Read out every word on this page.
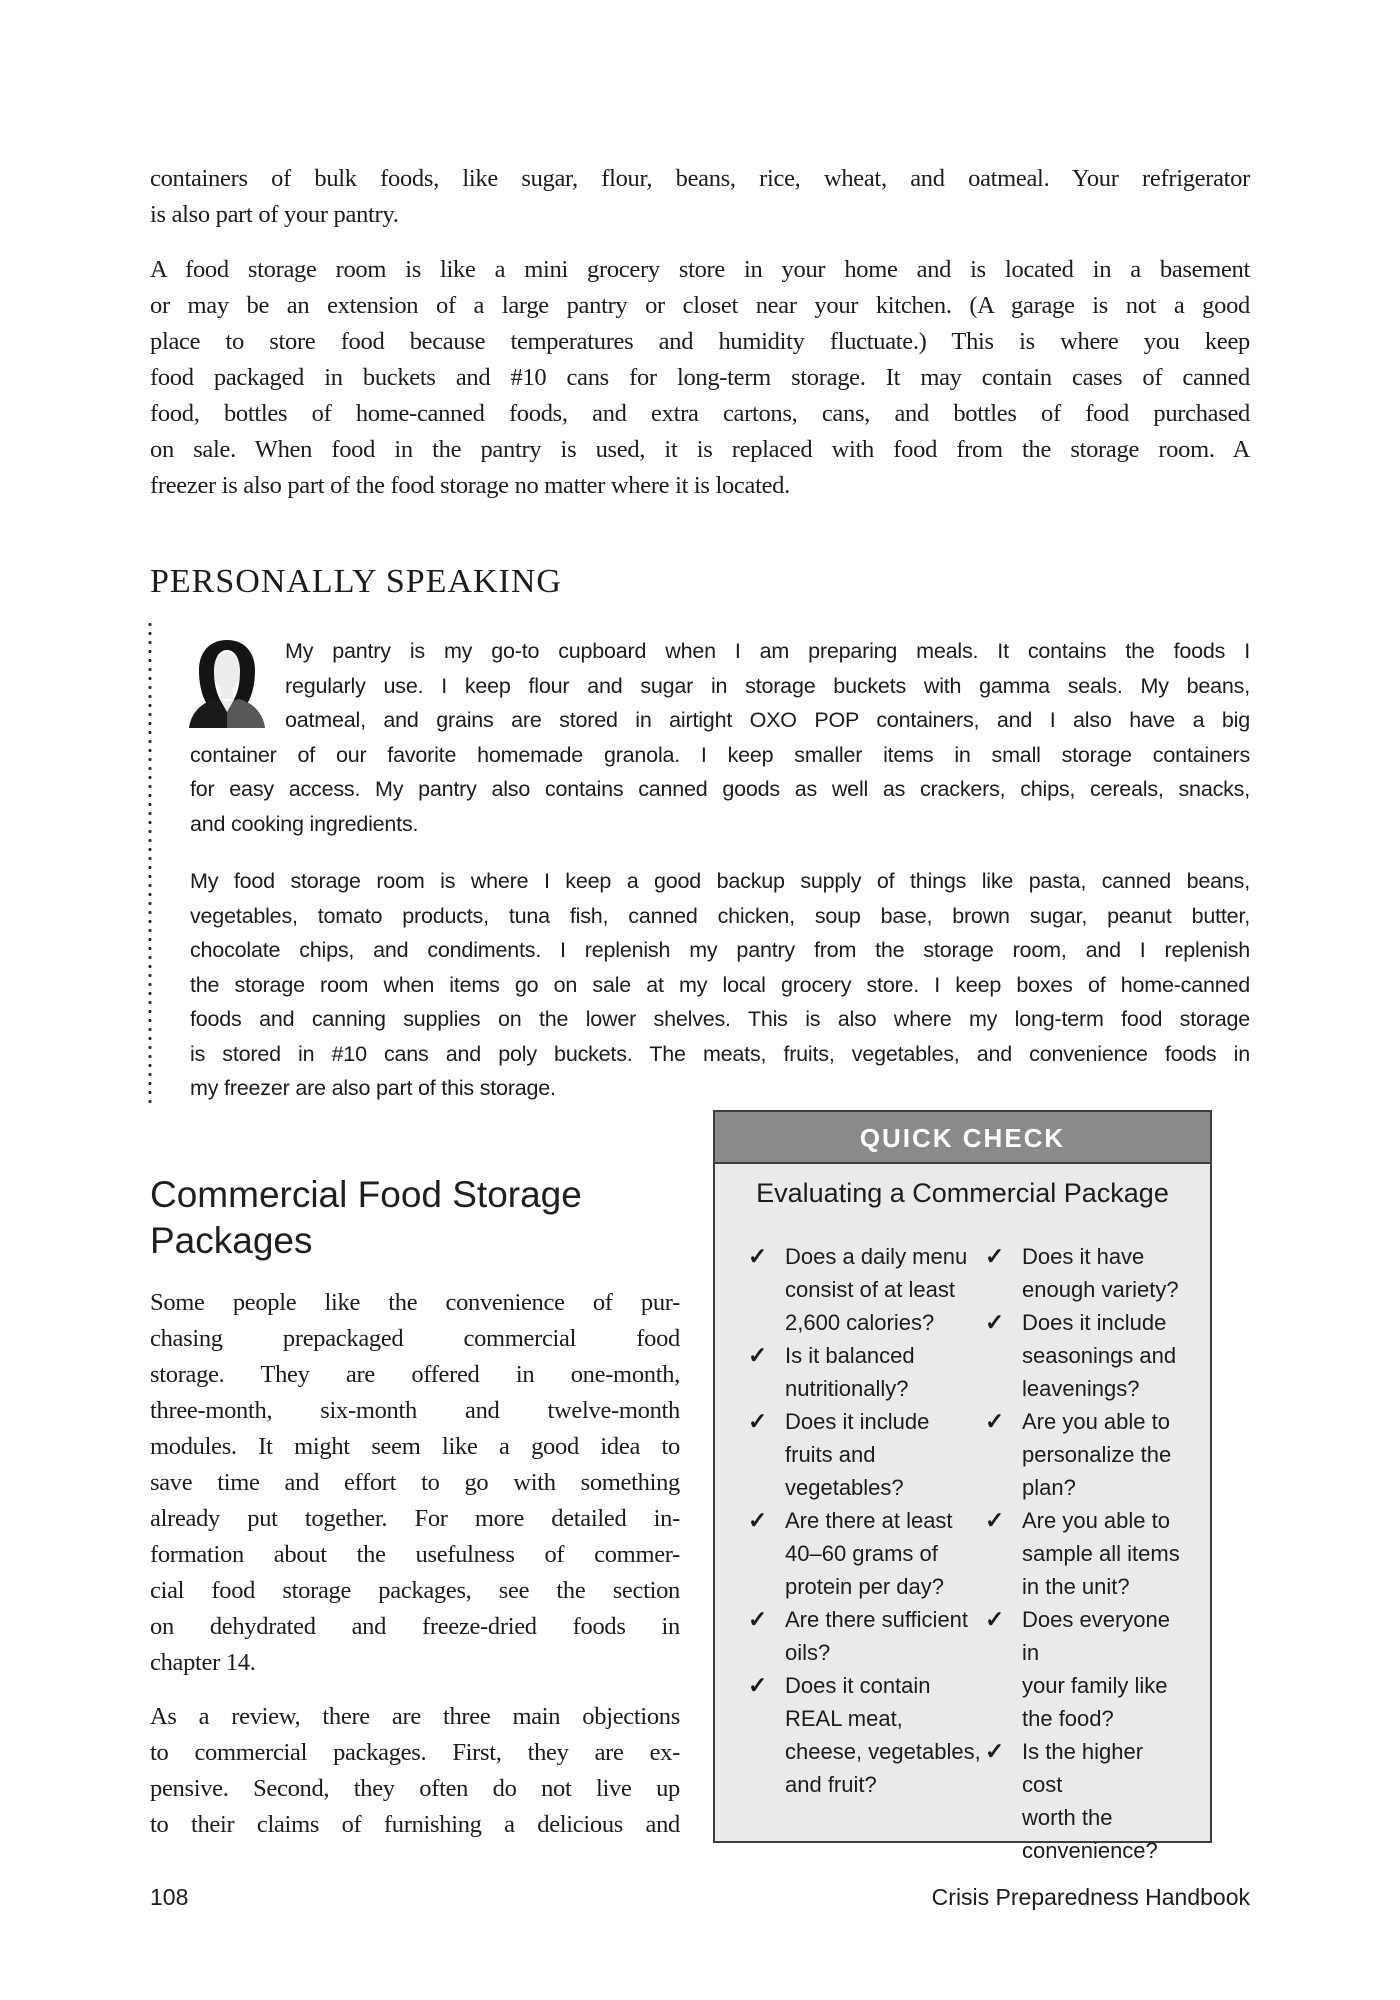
containers of bulk foods, like sugar, flour, beans, rice, wheat, and oatmeal. Your refrigerator
is also part of your pantry.
A food storage room is like a mini grocery store in your home and is located in a basement
or may be an extension of a large pantry or closet near your kitchen. (A garage is not a good
place to store food because temperatures and humidity fluctuate.) This is where you keep
food packaged in buckets and #10 cans for long-term storage. It may contain cases of canned
food, bottles of home-canned foods, and extra cartons, cans, and bottles of food purchased
on sale. When food in the pantry is used, it is replaced with food from the storage room. A
freezer is also part of the food storage no matter where it is located.
PERSONALLY SPEAKING
My pantry is my go-to cupboard when I am preparing meals. It contains the foods I
regularly use. I keep flour and sugar in storage buckets with gamma seals. My beans,
oatmeal, and grains are stored in airtight OXO POP containers, and I also have a big
container of our favorite homemade granola. I keep smaller items in small storage containers
for easy access. My pantry also contains canned goods as well as crackers, chips, cereals, snacks,
and cooking ingredients.
My food storage room is where I keep a good backup supply of things like pasta, canned beans,
vegetables, tomato products, tuna fish, canned chicken, soup base, brown sugar, peanut butter,
chocolate chips, and condiments. I replenish my pantry from the storage room, and I replenish
the storage room when items go on sale at my local grocery store. I keep boxes of home-canned
foods and canning supplies on the lower shelves. This is also where my long-term food storage
is stored in #10 cans and poly buckets. The meats, fruits, vegetables, and convenience foods in
my freezer are also part of this storage.
Commercial Food Storage
Packages
Some people like the convenience of pur-
chasing prepackaged commercial food
storage. They are offered in one-month,
three-month, six-month and twelve-month
modules. It might seem like a good idea to
save time and effort to go with something
already put together. For more detailed in-
formation about the usefulness of commer-
cial food storage packages, see the section
on dehydrated and freeze-dried foods in
chapter 14.
As a review, there are three main objections
to commercial packages. First, they are ex-
pensive. Second, they often do not live up
to their claims of furnishing a delicious and
QUICK CHECK
Evaluating a Commercial Package
✓ Does a daily menu
consist of at least
2,600 calories?
✓ Is it balanced
nutritionally?
✓ Does it include
fruits and
vegetables?
✓ Are there at least
40–60 grams of
protein per day?
✓ Are there sufficient
oils?
✓ Does it contain
REAL meat,
cheese, vegetables,
and fruit?
✓ Does it have
enough variety?
✓ Does it include
seasonings and
leavenings?
✓ Are you able to
personalize the
plan?
✓ Are you able to
sample all items
in the unit?
✓ Does everyone in
your family like
the food?
✓ Is the higher cost
worth the
convenience?
108	Crisis Preparedness Handbook
